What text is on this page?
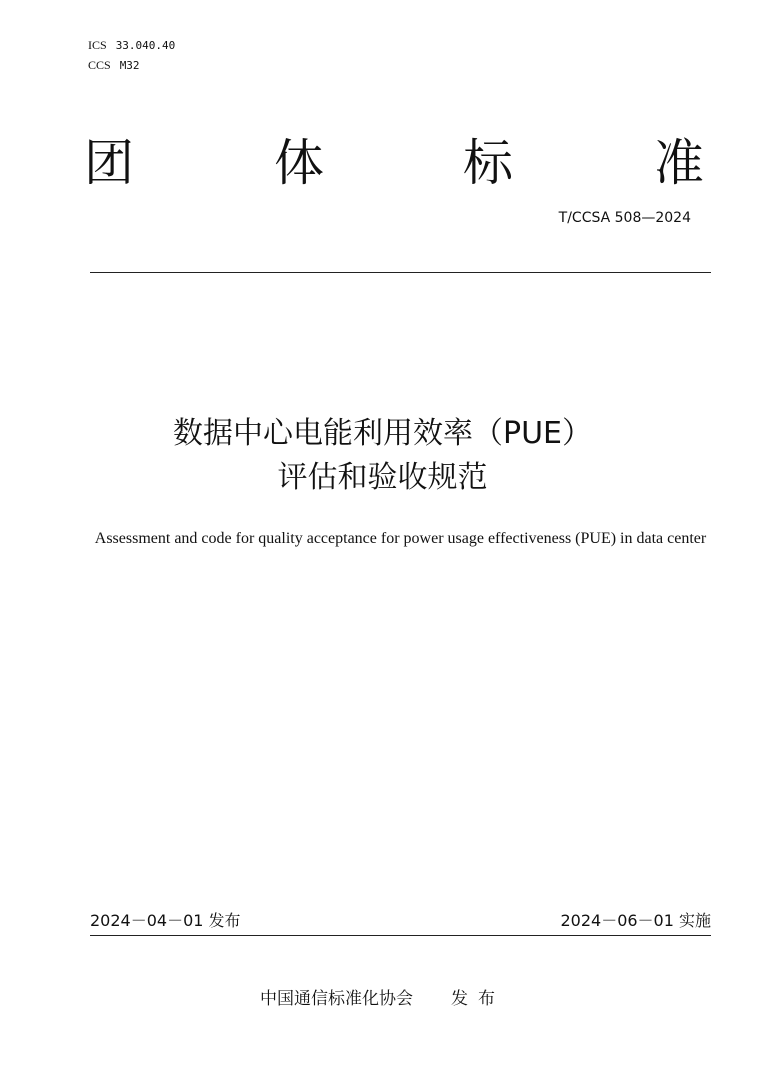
ICS 33.040.40
CCS M32
团	体	标	准
T/CCSA 508—2024
数据中心电能利用效率（PUE）
评估和验收规范
Assessment and code for quality acceptance for power usage effectiveness (PUE) in data center
2024－04－01 发布	2024－06－01 实施
中国通信标准化协会 发布
